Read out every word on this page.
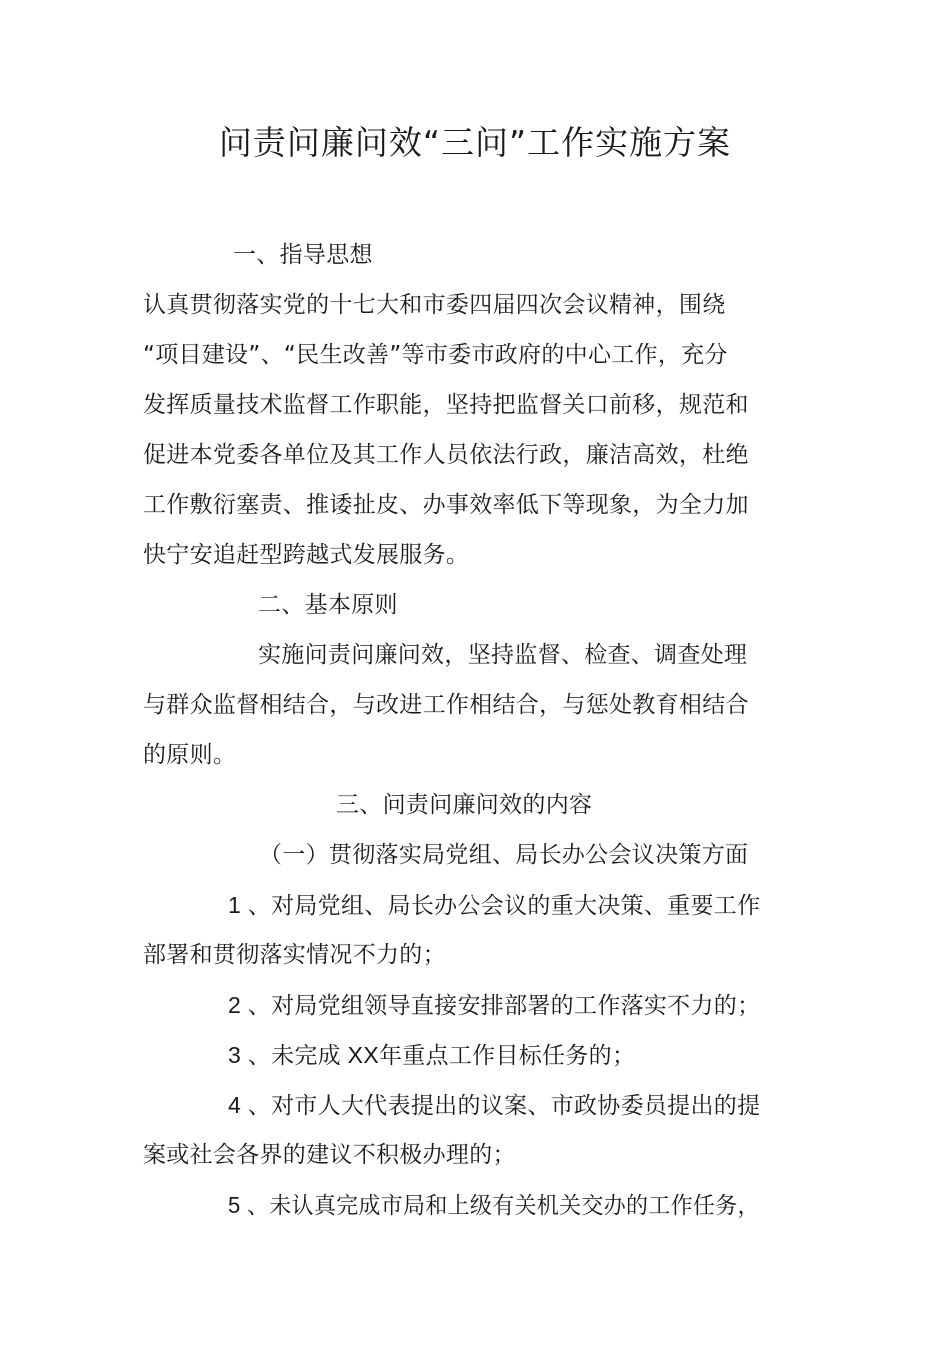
问责问廉问效“三问”工作实施方案
一、指导思想
认真贯彻落实党的十七大和市委四届四次会议精神，围绕
“项目建设”、“民生改善”等市委市政府的中心工作，充分
发挥质量技术监督工作职能，坚持把监督关口前移，规范和
促进本党委各单位及其工作人员依法行政，廉洁高效，杜绝
工作敷衍塞责、推诿扯皮、办事效率低下等现象，为全力加
快宁安追赶型跨越式发展服务。
二、基本原则
实施问责问廉问效，坚持监督、检查、调查处理
与群众监督相结合，与改进工作相结合，与惩处教育相结合
的原则。
三、问责问廉问效的内容
（一）贯彻落实局党组、局长办公会议决策方面
1 、对局党组、局长办公会议的重大决策、重要工作
部署和贯彻落实情况不力的；
2 、对局党组领导直接安排部署的工作落实不力的；
3 、未完成 XX年重点工作目标任务的；
4 、对市人大代表提出的议案、市政协委员提出的提
案或社会各界的建议不积极办理的；
5 、未认真完成市局和上级有关机关交办的工作任务，
